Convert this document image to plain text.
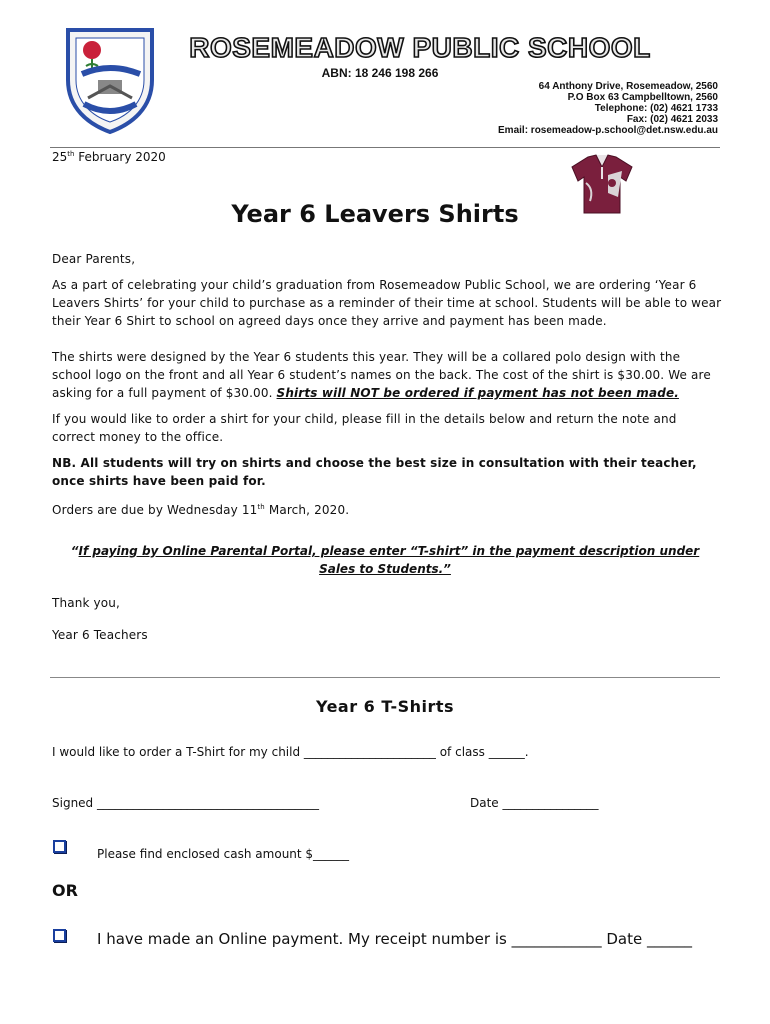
ROSEMEADOW PUBLIC SCHOOL
ABN: 18 246 198 266
64 Anthony Drive, Rosemeadow, 2560
P.O Box 63 Campbelltown, 2560
Telephone: (02) 4621 1733
Fax: (02) 4621 2033
Email: rosemeadow-p.school@det.nsw.edu.au
25th February 2020
Year 6 Leavers Shirts
Dear Parents,
As a part of celebrating your child’s graduation from Rosemeadow Public School, we are ordering ‘Year 6 Leavers Shirts’ for your child to purchase as a reminder of their time at school. Students will be able to wear their Year 6 Shirt to school on agreed days once they arrive and payment has been made.
The shirts were designed by the Year 6 students this year. They will be a collared polo design with the school logo on the front and all Year 6 student’s names on the back. The cost of the shirt is $30.00. We are asking for a full payment of $30.00. Shirts will NOT be ordered if payment has not been made.
If you would like to order a shirt for your child, please fill in the details below and return the note and correct money to the office.
NB. All students will try on shirts and choose the best size in consultation with their teacher, once shirts have been paid for.
Orders are due by Wednesday 11th March, 2020.
“If paying by Online Parental Portal, please enter “T-shirt” in the payment description under Sales to Students.”
Thank you,
Year 6 Teachers
Year 6 T-Shirts
I would like to order a T-Shirt for my child ______________________ of class ______.
Signed _____________________________________	Date ________________
Please find enclosed cash amount $______
OR
I have made an Online payment. My receipt number is ____________ Date ______
